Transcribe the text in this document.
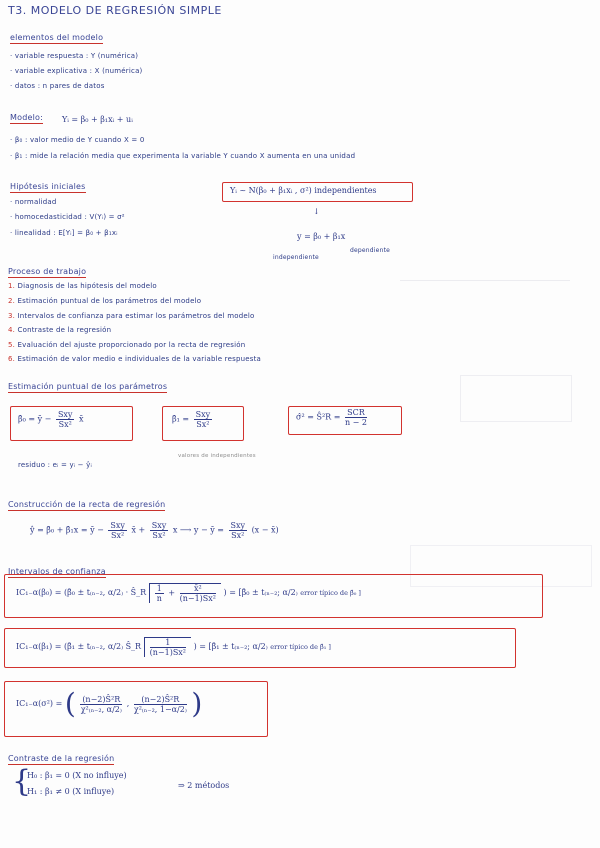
T3. MODELO DE REGRESIÓN SIMPLE
elementos del modelo
· variable respuesta : Y (numérica)
· variable explicativa : X (numérica)
· datos : n pares de datos
Modelo: Yᵢ = β₀ + β₁xᵢ + uᵢ
· β₀ : valor medio de Y cuando X = 0
· β₁ : mide la relación media que experimenta la variable Y cuando X aumenta en una unidad
Hipótesis iniciales
· normalidad
· homocedasticidad : V(Yᵢ) = σ²
· linealidad : E[Yᵢ] = β₀ + β₁xᵢ
Yᵢ ~ N(β₀ + β₁xᵢ , σ²) independientes
↓
y = β₀ + β₁x
independiente
dependiente
Proceso de trabajo
1. Diagnosis de las hipótesis del modelo
2. Estimación puntual de los parámetros del modelo
3. Intervalos de confianza para estimar los parámetros del modelo
4. Contraste de la regresión
5. Evaluación del ajuste proporcionado por la recta de regresión
6. Estimación de valor medio e individuales de la variable respuesta
Estimación puntual de los parámetros
β̂₀ = ȳ − $\frac{\text{Sxy}}{\text{Sx²}}$ x̄	β̂₁ = $\frac{\text{Sxy}}{\text{Sx²}}$	σ̂² = Ŝ²R = $\frac{\text{SCR}}{n - 2}$
residuo : eᵢ = yᵢ − ŷᵢ
valores de independientes
Construcción de la recta de regresión
ŷ = β̂₀ + β̂₁x = ȳ − $\frac{\text{Sxy}}{\text{Sx²}}$ x̄ + $\frac{\text{Sxy}}{\text{Sx²}}$ x ⟶ y − ȳ = $\frac{\text{Sxy}}{\text{Sx²}} (x$ − x̄)
Intervalos de confianza
IC₁₋α(β₀) = (β̂₀ ± t₍ₙ₋₂, α/2₎ · Ŝ_R $\frac{1}{n} + \frac{\text{x̄²}}{\text{(n−1)Sx²}}$ ) = [β̂₀ ± t₍ₙ₋₂; α/2₎ error típico de β̂₀ ]
IC₁₋α(β₁) = (β̂₁ ± t₍ₙ₋₂, α/2₎ Ŝ_R $\frac{1}{\text{(n−1)Sx²}}$ ) = [β̂₁ ± t₍ₙ₋₂; α/2₎ error típico de β̂₁ ]
IC₁₋α(σ²) = ( $\frac{\text{(n−2)Ŝ²R}}{\text{χ²₍ₙ₋₂, α/2₎}}$ , $\frac{\text{(n−2)Ŝ²R}}{\text{χ²₍ₙ₋₂, 1−α/2₎}}$ )
Contraste de la regresión
{
H₀ : β₁ = 0 (X no influye)
H₁ : β₁ ≠ 0 (X influye)
⇒ 2 métodos
